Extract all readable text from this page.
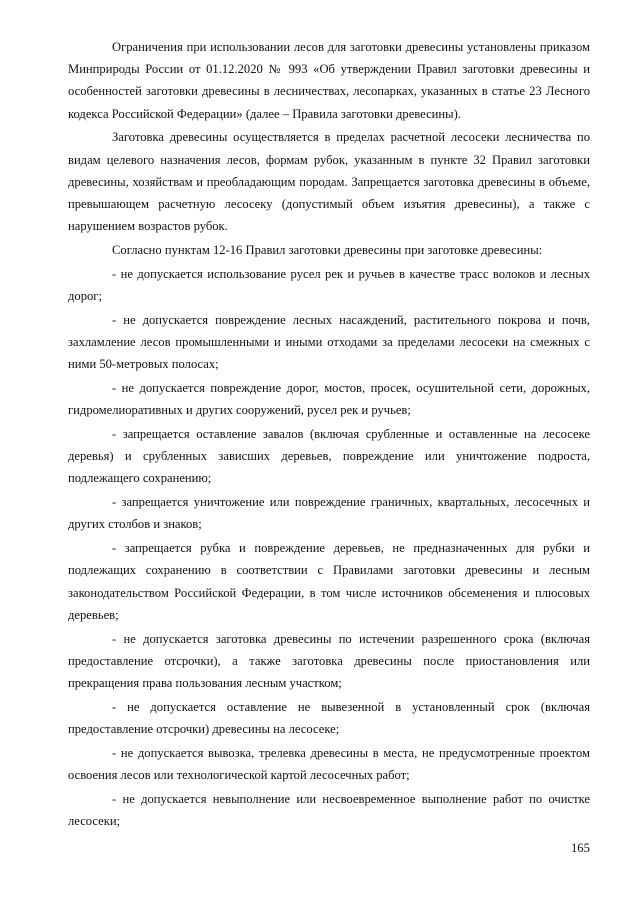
Ограничения при использовании лесов для заготовки древесины установлены приказом Минприроды России от 01.12.2020 № 993 «Об утверждении Правил заготовки древесины и особенностей заготовки древесины в лесничествах, лесопарках, указанных в статье 23 Лесного кодекса Российской Федерации» (далее – Правила заготовки древесины).

Заготовка древесины осуществляется в пределах расчетной лесосеки лесничества по видам целевого назначения лесов, формам рубок, указанным в пункте 32 Правил заготовки древесины, хозяйствам и преобладающим породам. Запрещается заготовка древесины в объеме, превышающем расчетную лесосеку (допустимый объем изъятия древесины), а также с нарушением возрастов рубок.

Согласно пунктам 12-16 Правил заготовки древесины при заготовке древесины:

- не допускается использование русел рек и ручьев в качестве трасс волоков и лесных дорог;

- не допускается повреждение лесных насаждений, растительного покрова и почв, захламление лесов промышленными и иными отходами за пределами лесосеки на смежных с ними 50-метровых полосах;

- не допускается повреждение дорог, мостов, просек, осушительной сети, дорожных, гидромелиоративных и других сооружений, русел рек и ручьев;

- запрещается оставление завалов (включая срубленные и оставленные на лесосеке деревья) и срубленных зависших деревьев, повреждение или уничтожение подроста, подлежащего сохранению;

- запрещается уничтожение или повреждение граничных, квартальных, лесосечных и других столбов и знаков;

- запрещается рубка и повреждение деревьев, не предназначенных для рубки и подлежащих сохранению в соответствии с Правилами заготовки древесины и лесным законодательством Российской Федерации, в том числе источников обсеменения и плюсовых деревьев;

- не допускается заготовка древесины по истечении разрешенного срока (включая предоставление отсрочки), а также заготовка древесины после приостановления или прекращения права пользования лесным участком;

- не допускается оставление не вывезенной в установленный срок (включая предоставление отсрочки) древесины на лесосеке;

- не допускается вывозка, трелевка древесины в места, не предусмотренные проектом освоения лесов или технологической картой лесосечных работ;

- не допускается невыполнение или несвоевременное выполнение работ по очистке лесосеки;

165
